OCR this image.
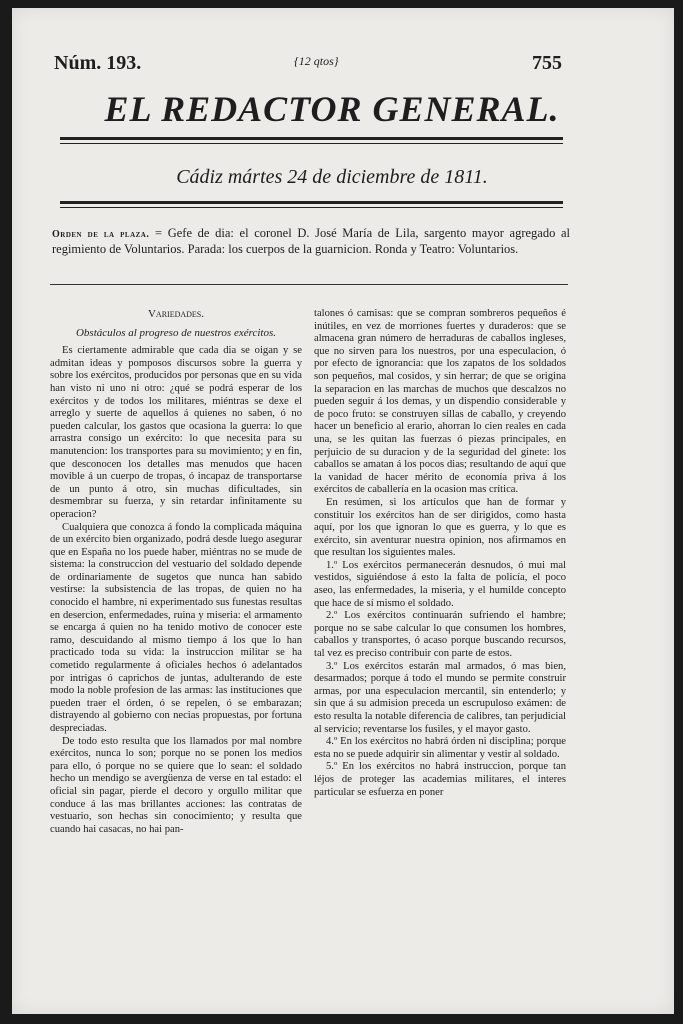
Núm. 193.	{12 qtos}	755
EL REDACTOR GENERAL.
Cádiz mártes 24 de diciembre de 1811.
Orden de la plaza. = Gefe de dia: el coronel D. José María de Lila, sargento mayor agregado al regimiento de Voluntarios. Parada: los cuerpos de la guarnicion. Ronda y Teatro: Voluntarios.
Variedades.
Obstáculos al progreso de nuestros exércitos.

Es ciertamente admirable que cada dia se oigan y se admitan ideas y pomposos discursos sobre la guerra y sobre los exércitos, producidos por personas que en su vida han visto ni uno ni otro: ¿qué se podrá esperar de los exércitos y de todos los militares, miéntras se dexe el arreglo y suerte de aquellos á quienes no saben, ó no pueden calcular, los gastos que ocasiona la guerra: lo que arrastra consigo un exército: lo que necesita para su manutencion: los transportes para su movimiento; y en fin, que desconocen los detalles mas menudos que hacen movible á un cuerpo de tropas, ó incapaz de transportarse de un punto á otro, sin muchas dificultades, sin desmembrar su fuerza, y sin retardar infinitamente su operacion?

Cualquiera que conozca á fondo la complicada máquina de un exército bien organizado, podrá desde luego asegurar que en España no los puede haber, miéntras no se mude de sistema: la construccion del vestuario del soldado depende de ordinariamente de sugetos que nunca han sabido vestirse: la subsistencia de las tropas, de quien no ha conocido el hambre, ni experimentado sus funestas resultas en desercion, enfermedades, ruina y miseria: el armamento se encarga á quien no ha tenido motivo de conocer este ramo, descuidando al mismo tiempo á los que lo han practicado toda su vida: la instruccion militar se ha cometido regularmente á oficiales hechos ó adelantados por intrigas ó caprichos de juntas, adulterando de este modo la noble profesion de las armas: las instituciones que pueden traer el órden, ó se repelen, ó se embarazan; distrayendo al gobierno con necias propuestas, por fortuna despreciadas.

De todo esto resulta que los llamados por mal nombre exércitos, nunca lo son; porque no se ponen los medios para ello, ó porque no se quiere que lo sean: el soldado hecho un mendigo se avergüenza de verse en tal estado: el oficial sin pagar, pierde el decoro y orgullo militar que conduce á las mas brillantes acciones: las contratas de vestuario, son hechas sin conocimiento; y resulta que cuando hai casacas, no hai pan-

talones ó camisas: que se compran sombreros pequeños é inútiles, en vez de morriones fuertes y duraderos: que se almacena gran número de herraduras de caballos ingleses, que no sirven para los nuestros, por una especulacion, ó por efecto de ignorancia: que los zapatos de los soldados son pequeños, mal cosidos, y sin herrar; de que se origina la separacion en las marchas de muchos que descalzos no pueden seguir á los demas, y un dispendio considerable y de poco fruto: se construyen sillas de caballo, y creyendo hacer un beneficio al erario, ahorran lo cien reales en cada una, se les quitan las fuerzas ó piezas principales, en perjuicio de su duracion y de la seguridad del ginete: los caballos se amatan á los pocos dias; resultando de aquí que la vanidad de hacer mérito de economía priva á los exércitos de caballería en la ocasion mas crítica.

En resúmen, si los artículos que han de formar y constituir los exércitos han de ser dirigidos, como hasta aquí, por los que ignoran lo que es guerra, y lo que es exército, sin aventurar nuestra opinion, nos afirmamos en que resultan los siguientes males.

1.º Los exércitos permanecerán desnudos, ó mui mal vestidos, siguiéndose á esto la falta de policía, el poco aseo, las enfermedades, la miseria, y el humilde concepto que hace de sí mismo el soldado.

2.º Los exércitos continuarán sufriendo el hambre; porque no se sabe calcular lo que consumen los hombres, caballos y transportes, ó acaso porque buscando recursos, tal vez es preciso contribuir con parte de estos.

3.º Los exércitos estarán mal armados, ó mas bien, desarmados; porque á todo el mundo se permite construir armas, por una especulacion mercantil, sin entenderlo; y sin que á su admision preceda un escrupuloso exámen: de esto resulta la notable diferencia de calibres, tan perjudicial al servicio; reventarse los fusiles, y el mayor gasto.

4.º En los exércitos no habrá órden ni disciplina; porque esta no se puede adquirir sin alimentar y vestir al soldado.

5.º En los exércitos no habrá instruccion, porque tan léjos de proteger las academias militares, el interes particular se esfuerza en poner
